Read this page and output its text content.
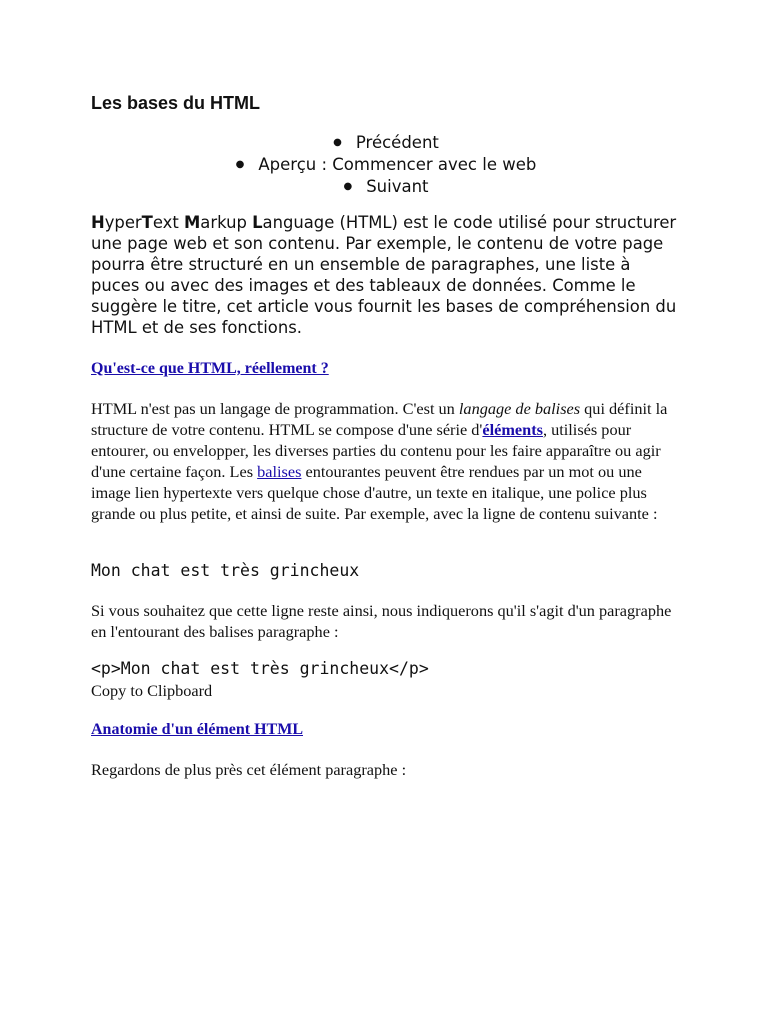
Les bases du HTML
● Précédent
● Aperçu : Commencer avec le web
● Suivant

HyperText Markup Language (HTML) est le code utilisé pour structurer une page web et son contenu. Par exemple, le contenu de votre page pourra être structuré en un ensemble de paragraphes, une liste à puces ou avec des images et des tableaux de données. Comme le suggère le titre, cet article vous fournit les bases de compréhension du HTML et de ses fonctions.

Qu'est-ce que HTML, réellement ?

HTML n'est pas un langage de programmation. C'est un langage de balises qui définit la structure de votre contenu. HTML se compose d'une série d'éléments, utilisés pour entourer, ou envelopper, les diverses parties du contenu pour les faire apparaître ou agir d'une certaine façon. Les balises entourantes peuvent être rendues par un mot ou une image lien hypertexte vers quelque chose d'autre, un texte en italique, une police plus grande ou plus petite, et ainsi de suite. Par exemple, avec la ligne de contenu suivante :

Mon chat est très grincheux

Si vous souhaitez que cette ligne reste ainsi, nous indiquerons qu'il s'agit d'un paragraphe en l'entourant des balises paragraphe :

<p>Mon chat est très grincheux</p>
Copy to Clipboard
Anatomie d'un élément HTML

Regardons de plus près cet élément paragraphe :
